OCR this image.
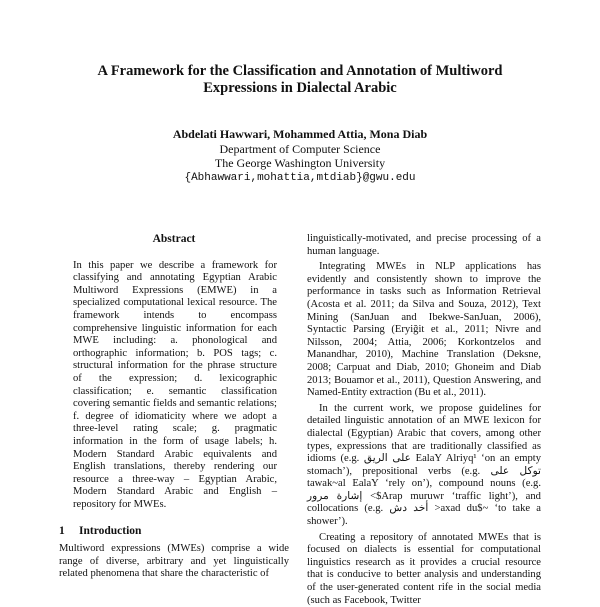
A Framework for the Classification and Annotation of Multiword Expressions in Dialectal Arabic
Abdelati Hawwari, Mohammed Attia, Mona Diab
Department of Computer Science
The George Washington University
{Abhawwari,mohattia,mtdiab}@gwu.edu
Abstract

In this paper we describe a framework for classifying and annotating Egyptian Arabic Multiword Expressions (EMWE) in a specialized computational lexical resource. The framework intends to encompass comprehensive linguistic information for each MWE including: a. phonological and orthographic information; b. POS tags; c. structural information for the phrase structure of the expression; d. lexicographic classification; e. semantic classification covering semantic fields and semantic relations; f. degree of idiomaticity where we adopt a three-level rating scale; g. pragmatic information in the form of usage labels; h. Modern Standard Arabic equivalents and English translations, thereby rendering our resource a three-way – Egyptian Arabic, Modern Standard Arabic and English – repository for MWEs.

1 Introduction

Multiword expressions (MWEs) comprise a wide range of diverse, arbitrary and yet linguistically related phenomena that share the characteristic of

linguistically-motivated, and precise processing of a human language.

Integrating MWEs in NLP applications has evidently and consistently shown to improve the performance in tasks such as Information Retrieval (Acosta et al. 2011; da Silva and Souza, 2012), Text Mining (SanJuan and Ibekwe-SanJuan, 2006), Syntactic Parsing (Eryiğit et al., 2011; Nivre and Nilsson, 2004; Attia, 2006; Korkontzelos and Manandhar, 2010), Machine Translation (Deksne, 2008; Carpuat and Diab, 2010; Ghoneim and Diab 2013; Bouamor et al., 2011), Question Answering, and Named-Entity extraction (Bu et al., 2011).

In the current work, we propose guidelines for detailed linguistic annotation of an MWE lexicon for dialectal (Egyptian) Arabic that covers, among other types, expressions that are traditionally classified as idioms (e.g. على الريق EalaY Alriyq¹ ‘on an empty stomach’), prepositional verbs (e.g. توكل على tawak~al EalaY ‘rely on’), compound nouns (e.g. إشارة مرور <$Arap muruwr ‘traffic light’), and collocations (e.g. أخد دش >axad du$~ ‘to take a shower’).

Creating a repository of annotated MWEs that is focused on dialects is essential for computational linguistics research as it provides a crucial resource that is conducive to better analysis and understanding of the user-generated content rife in the social media (such as Facebook, Twitter
